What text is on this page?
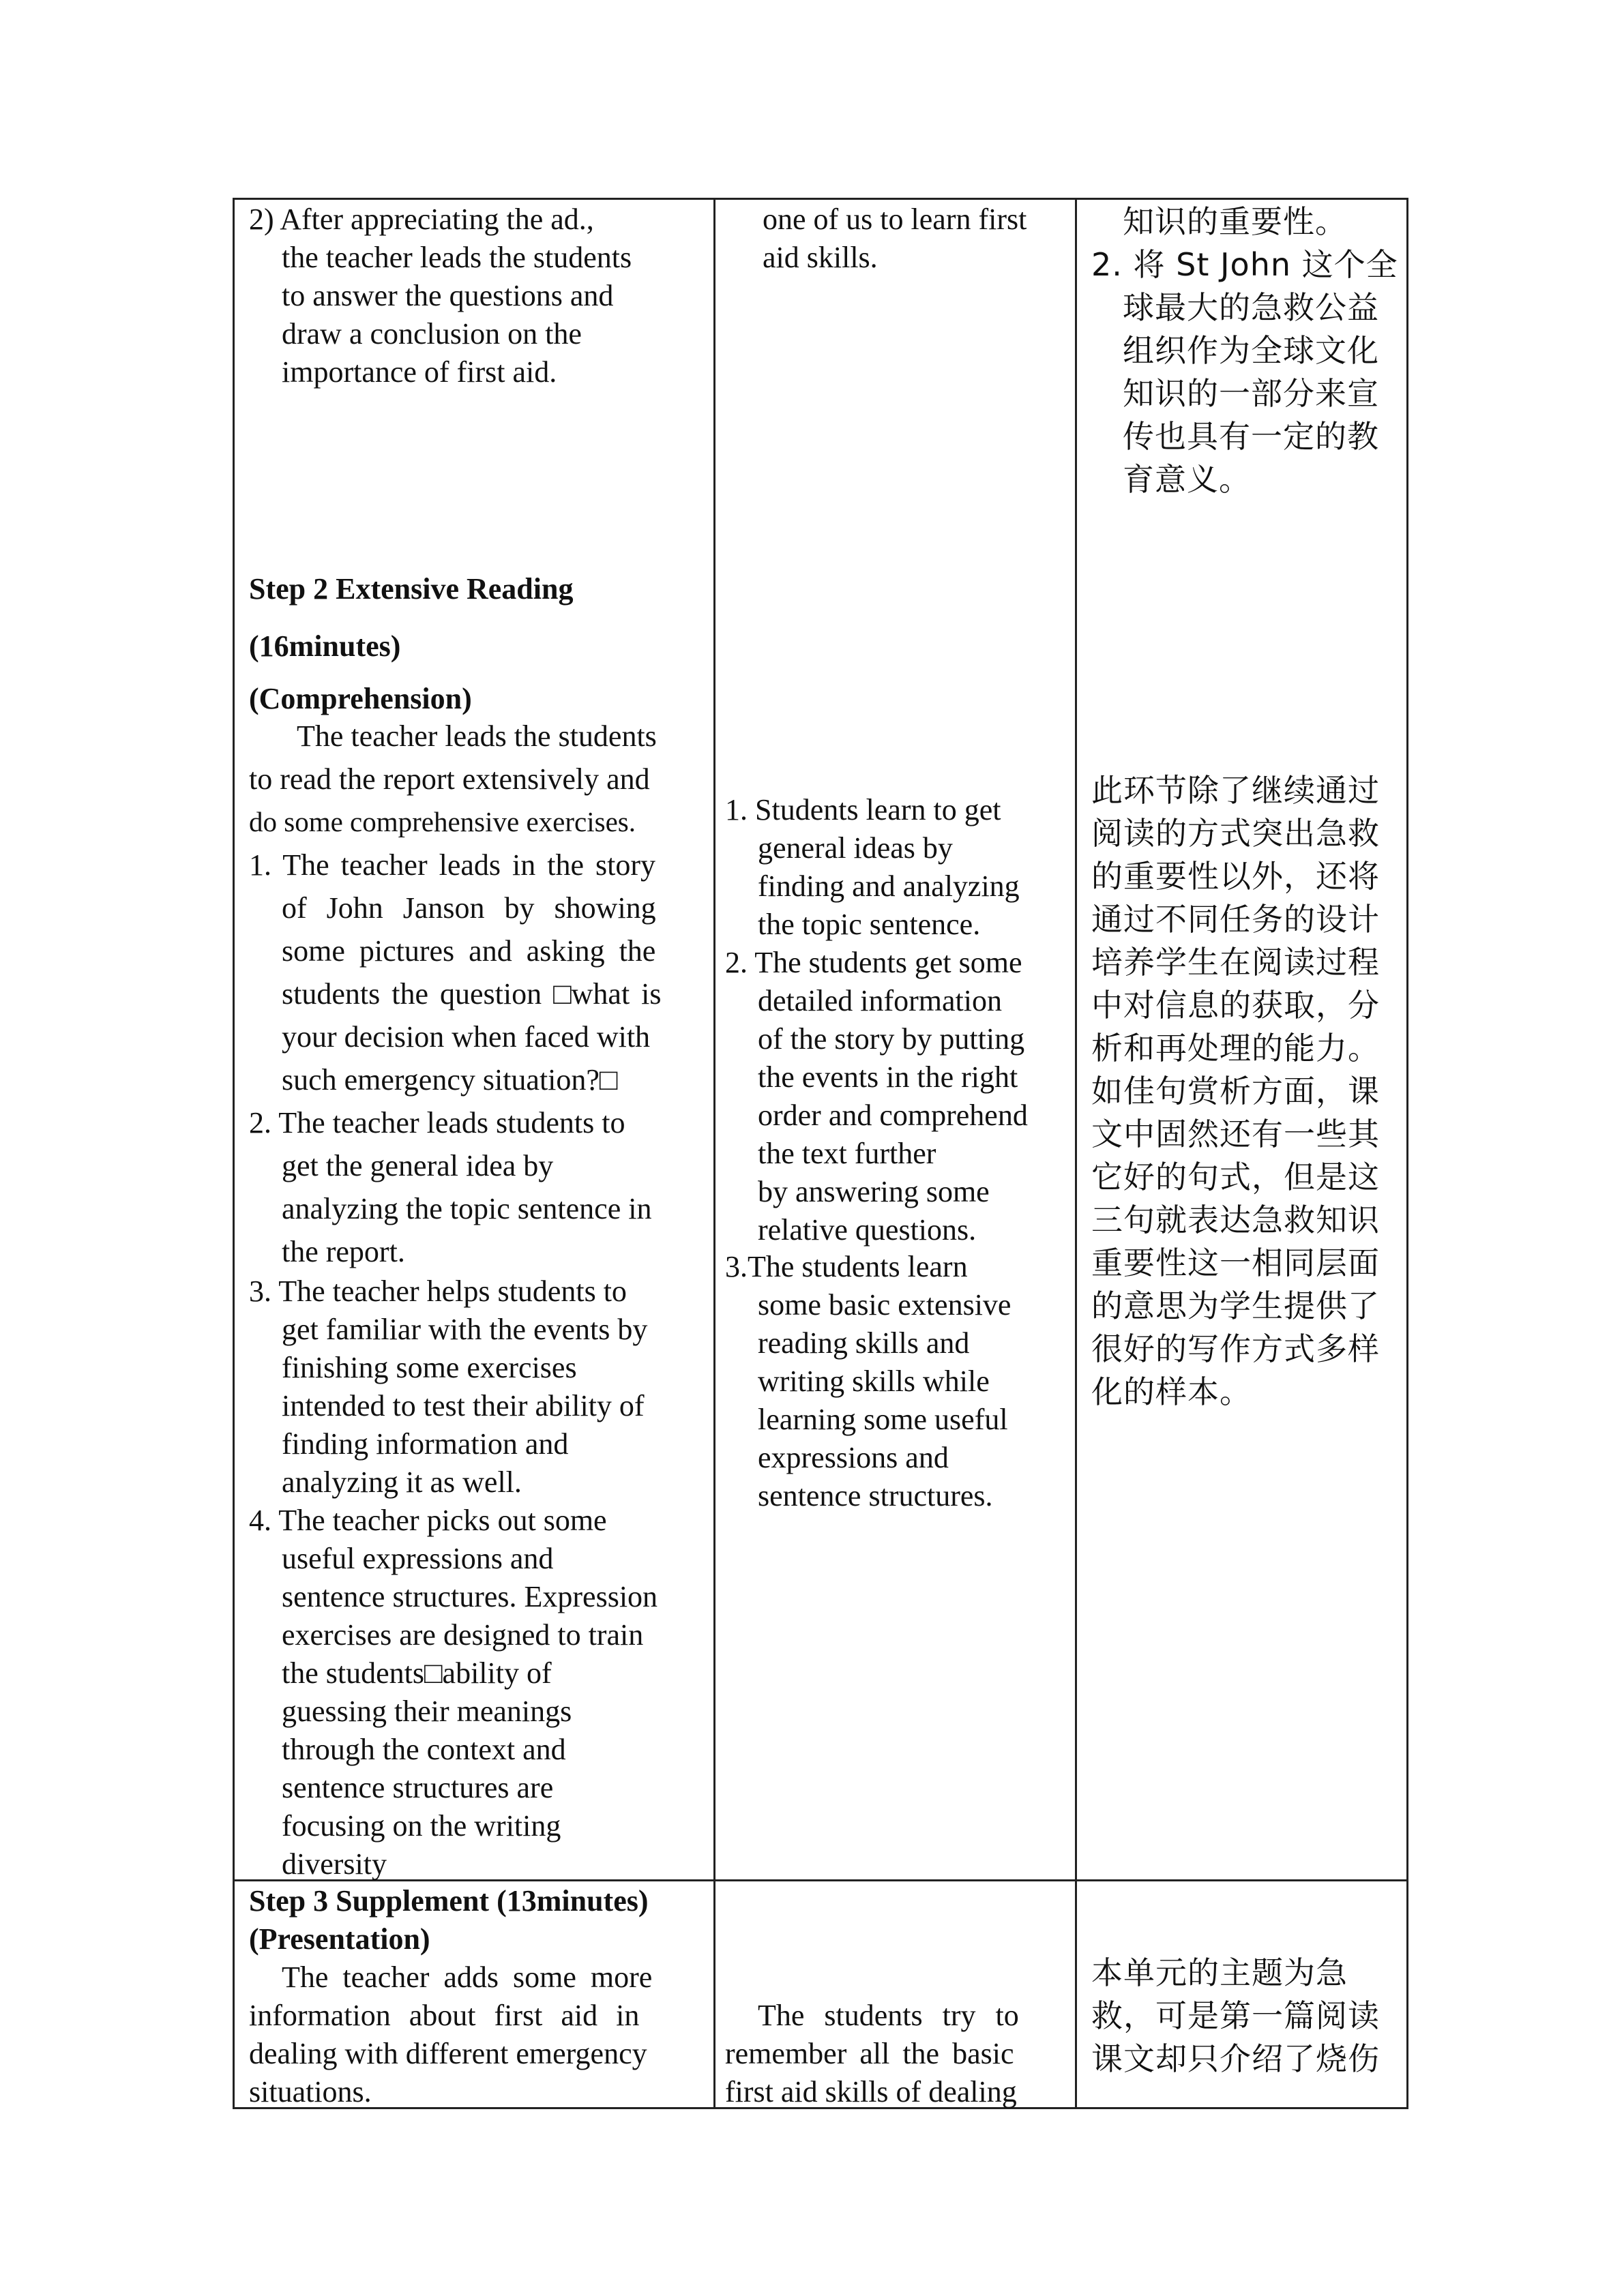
2) After appreciating the ad.,

the teacher leads the students

to answer the questions and

draw a conclusion on the

importance of first aid.

Step 2 Extensive Reading

(16minutes)

(Comprehension)

The teacher leads the students

to read the report extensively and

do some comprehensive exercises.

1. The teacher leads in the story

of John Janson by showing

some pictures and asking the

students the question □what is

your decision when faced with

such emergency situation?□

2. The teacher leads students to

get the general idea by

analyzing the topic sentence in

the report.

3. The teacher helps students to

get familiar with the events by

finishing some exercises

intended to test their ability of

finding information and

analyzing it as well.

4. The teacher picks out some

useful expressions and

sentence structures. Expression

exercises are designed to train

the students□ability of

guessing their meanings

through the context and

sentence structures are

focusing on the writing

diversity

one of us to learn first

aid skills.

1. Students learn to get

general ideas by

finding and analyzing

the topic sentence.

2. The students get some

detailed information

of the story by putting

the events in the right

order and comprehend

the text further

by answering some

relative questions.

3.The students learn

some basic extensive

reading skills and

writing skills while

learning some useful

expressions and

sentence structures.

知识的重要性。

2. 将 St John 这个全

球最大的急救公益

组织作为全球文化

知识的一部分来宣

传也具有一定的教

育意义。

此环节除了继续通过

阅读的方式突出急救

的重要性以外，还将

通过不同任务的设计

培养学生在阅读过程

中对信息的获取，分

析和再处理的能力。

如佳句赏析方面，课

文中固然还有一些其

它好的句式，但是这

三句就表达急救知识

重要性这一相同层面

的意思为学生提供了

很好的写作方式多样

化的样本。

Step 3 Supplement (13minutes)

(Presentation)

The teacher adds some more

information about first aid in

dealing with different emergency

situations.

The students try to

remember all the basic

first aid skills of dealing

本单元的主题为急

救，可是第一篇阅读

课文却只介绍了烧伤
